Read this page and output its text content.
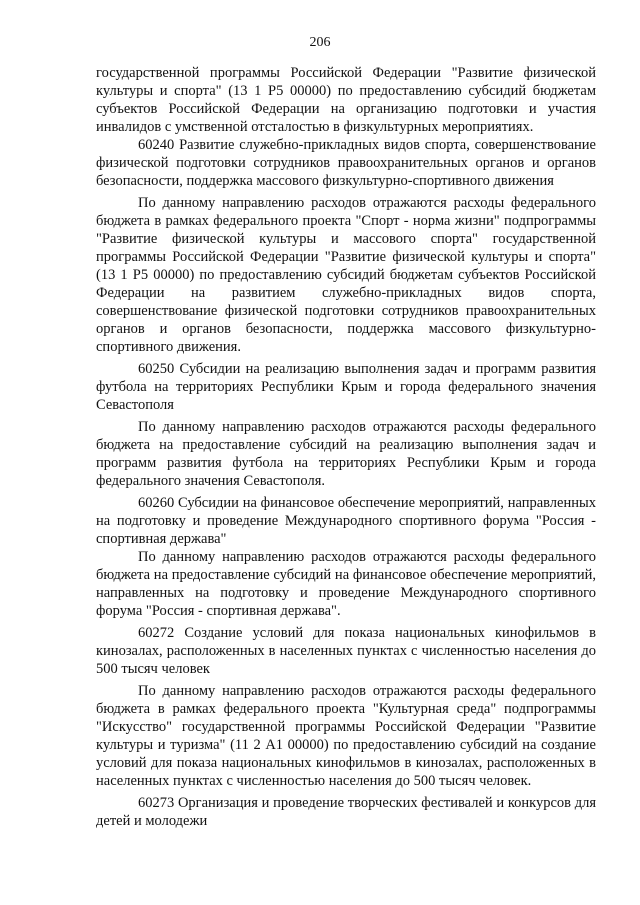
206

государственной программы Российской Федерации "Развитие физической культуры и спорта" (13 1 Р5 00000) по предоставлению субсидий бюджетам субъектов Российской Федерации на организацию подготовки и участия инвалидов с умственной отсталостью в физкультурных мероприятиях.

60240 Развитие служебно-прикладных видов спорта, совершенствование физической подготовки сотрудников правоохранительных органов и органов безопасности, поддержка массового физкультурно-спортивного движения

По данному направлению расходов отражаются расходы федерального бюджета в рамках федерального проекта "Спорт - норма жизни" подпрограммы "Развитие физической культуры и массового спорта" государственной программы Российской Федерации "Развитие физической культуры и спорта" (13 1 Р5 00000) по предоставлению субсидий бюджетам субъектов Российской Федерации на развитием служебно-прикладных видов спорта, совершенствование физической подготовки сотрудников правоохранительных органов и органов безопасности, поддержка массового физкультурно-спортивного движения.

60250 Субсидии на реализацию выполнения задач и программ развития футбола на территориях Республики Крым и города федерального значения Севастополя

По данному направлению расходов отражаются расходы федерального бюджета на предоставление субсидий на реализацию выполнения задач и программ развития футбола на территориях Республики Крым и города федерального значения Севастополя.

60260 Субсидии на финансовое обеспечение мероприятий, направленных на подготовку и проведение Международного спортивного форума "Россия - спортивная держава"

По данному направлению расходов отражаются расходы федерального бюджета на предоставление субсидий на финансовое обеспечение мероприятий, направленных на подготовку и проведение Международного спортивного форума "Россия - спортивная держава".

60272 Создание условий для показа национальных кинофильмов в кинозалах, расположенных в населенных пунктах с численностью населения до 500 тысяч человек

По данному направлению расходов отражаются расходы федерального бюджета в рамках федерального проекта "Культурная среда" подпрограммы "Искусство" государственной программы Российской Федерации "Развитие культуры и туризма" (11 2 А1 00000) по предоставлению субсидий на создание условий для показа национальных кинофильмов в кинозалах, расположенных в населенных пунктах с численностью населения до 500 тысяч человек.

60273 Организация и проведение творческих фестивалей и конкурсов для детей и молодежи
